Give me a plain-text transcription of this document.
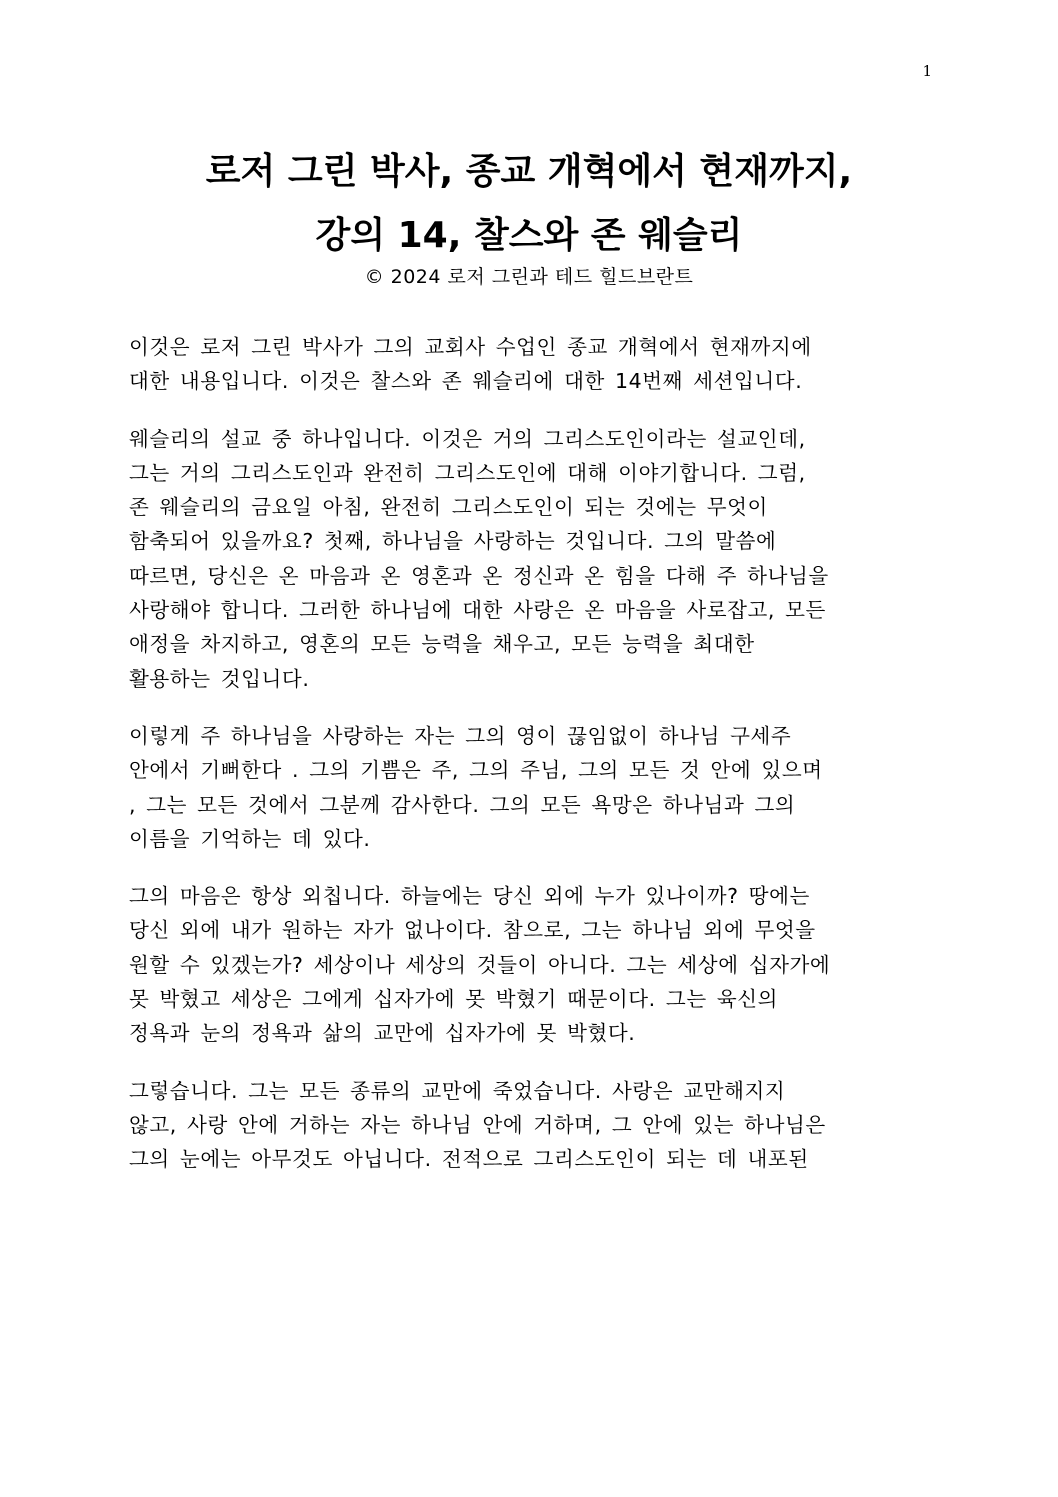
1
로저 그린 박사, 종교 개혁에서 현재까지,
강의 14, 찰스와 존 웨슬리
© 2024 로저 그린과 테드 힐드브란트

이것은 로저 그린 박사가 그의 교회사 수업인 종교 개혁에서 현재까지에
대한 내용입니다. 이것은 찰스와 존 웨슬리에 대한 14번째 세션입니다.

웨슬리의 설교 중 하나입니다. 이것은 거의 그리스도인이라는 설교인데,
그는 거의 그리스도인과 완전히 그리스도인에 대해 이야기합니다. 그럼,
존 웨슬리의 금요일 아침, 완전히 그리스도인이 되는 것에는 무엇이
함축되어 있을까요? 첫째, 하나님을 사랑하는 것입니다. 그의 말씀에
따르면, 당신은 온 마음과 온 영혼과 온 정신과 온 힘을 다해 주 하나님을
사랑해야 합니다. 그러한 하나님에 대한 사랑은 온 마음을 사로잡고, 모든
애정을 차지하고, 영혼의 모든 능력을 채우고, 모든 능력을 최대한
활용하는 것입니다.

이렇게 주 하나님을 사랑하는 자는 그의 영이 끊임없이 하나님 구세주
안에서 기뻐한다 . 그의 기쁨은 주, 그의 주님, 그의 모든 것 안에 있으며
, 그는 모든 것에서 그분께 감사한다. 그의 모든 욕망은 하나님과 그의
이름을 기억하는 데 있다.

그의 마음은 항상 외칩니다. 하늘에는 당신 외에 누가 있나이까? 땅에는
당신 외에 내가 원하는 자가 없나이다. 참으로, 그는 하나님 외에 무엇을
원할 수 있겠는가? 세상이나 세상의 것들이 아니다. 그는 세상에 십자가에
못 박혔고 세상은 그에게 십자가에 못 박혔기 때문이다. 그는 육신의
정욕과 눈의 정욕과 삶의 교만에 십자가에 못 박혔다.

그렇습니다. 그는 모든 종류의 교만에 죽었습니다. 사랑은 교만해지지
않고, 사랑 안에 거하는 자는 하나님 안에 거하며, 그 안에 있는 하나님은
그의 눈에는 아무것도 아닙니다. 전적으로 그리스도인이 되는 데 내포된
